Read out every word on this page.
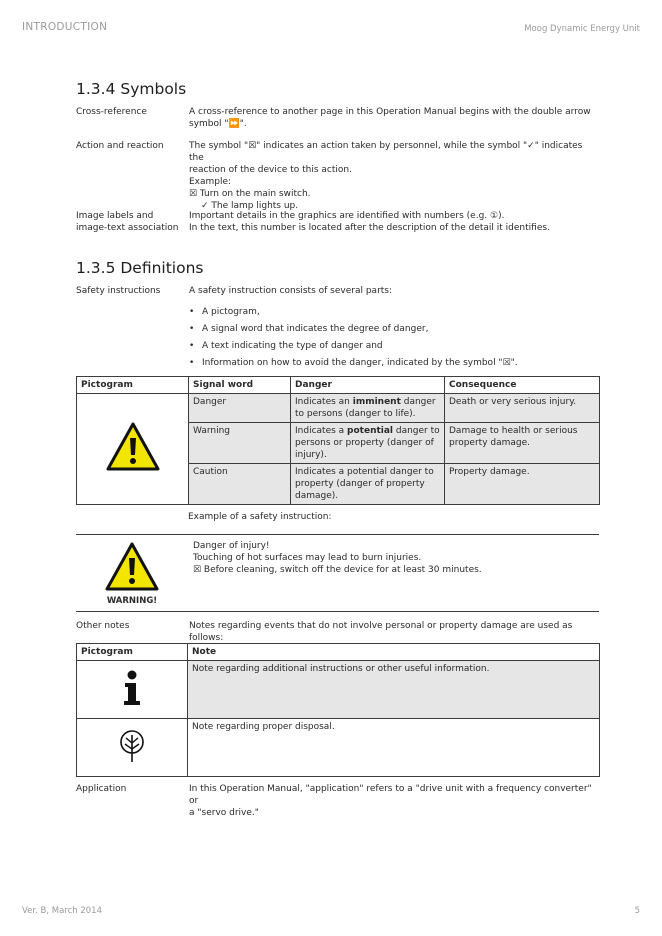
INTRODUCTION	Moog Dynamic Energy Unit
1.3.4 Symbols
Cross-reference	A cross-reference to another page in this Operation Manual begins with the double arrow
symbol "⏩".
Action and reaction	The symbol "☒" indicates an action taken by personnel, while the symbol "✓" indicates the
reaction of the device to this action.
Example:
☒ Turn on the main switch.
✓ The lamp lights up.
Image labels and
image-text association
Important details in the graphics are identified with numbers (e.g. ①).
In the text, this number is located after the description of the detail it identifies.
1.3.5 Definitions
Safety instructions	A safety instruction consists of several parts:
• A pictogram,
• A signal word that indicates the degree of danger,
• A text indicating the type of danger and
• Information on how to avoid the danger, indicated by the symbol "☒".
Pictogram	Signal word	Danger	Consequence
	Danger	Indicates an imminent danger to persons (danger to life).	Death or very serious injury.
	Warning	Indicates a potential danger to persons or property (danger of injury).	Damage to health or serious property damage.
	Caution	Indicates a potential danger to property (danger of property damage).	Property damage.
Example of a safety instruction:
WARNING!
Danger of injury!
Touching of hot surfaces may lead to burn injuries.
☒ Before cleaning, switch off the device for at least 30 minutes.
Other notes	Notes regarding events that do not involve personal or property damage are used as follows:
Pictogram	Note
	Note regarding additional instructions or other useful information.
	Note regarding proper disposal.
Application	In this Operation Manual, "application" refers to a "drive unit with a frequency converter" or
a "servo drive."
Ver. B, March 2014	5
